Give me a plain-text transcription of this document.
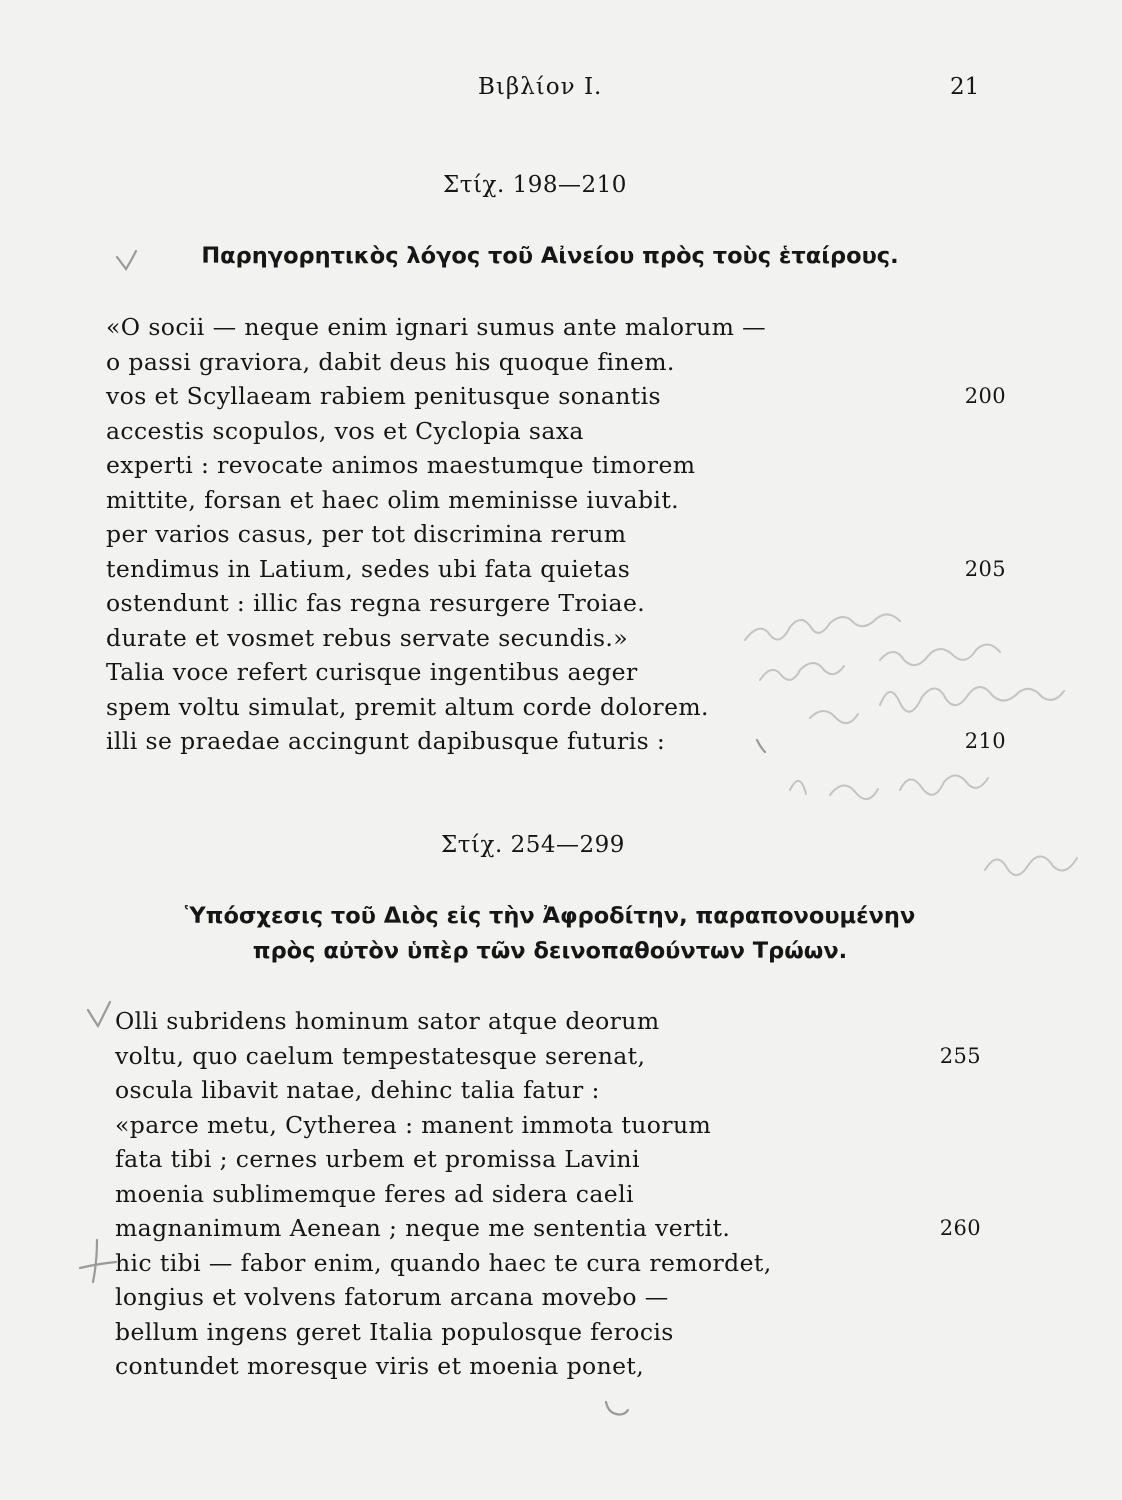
Βιβλίον Ι.	21
Στίχ. 198—210
Παρηγορητικὸς λόγος τοῦ Αἰνείου πρὸς τοὺς ἑταίρους.
«O socii — neque enim ignari sumus ante malorum —
o passi graviora, dabit deus his quoque finem.
vos et Scyllaeam rabiem penitusque sonantis	200
accestis scopulos, vos et Cyclopia saxa
experti : revocate animos maestumque timorem
mittite, forsan et haec olim meminisse iuvabit.
per varios casus, per tot discrimina rerum
tendimus in Latium, sedes ubi fata quietas	205
ostendunt : illic fas regna resurgere Troiae.
durate et vosmet rebus servate secundis.»
Talia voce refert curisque ingentibus aeger
spem voltu simulat, premit altum corde dolorem.
illi se praedae accingunt dapibusque futuris :	210
Στίχ. 254—299
Ὑπόσχεσις τοῦ Διὸς εἰς τὴν Ἀφροδίτην, παραπονουμένην
πρὸς αὐτὸν ὑπὲρ τῶν δεινοπαθούντων Τρώων.
Olli subridens hominum sator atque deorum
voltu, quo caelum tempestatesque serenat,	255
oscula libavit natae, dehinc talia fatur :
«parce metu, Cytherea : manent immota tuorum
fata tibi ; cernes urbem et promissa Lavini
moenia sublimemque feres ad sidera caeli
magnanimum Aenean ; neque me sententia vertit.	260
hic tibi — fabor enim, quando haec te cura remordet,
longius et volvens fatorum arcana movebo —
bellum ingens geret Italia populosque ferocis
contundet moresque viris et moenia ponet,
